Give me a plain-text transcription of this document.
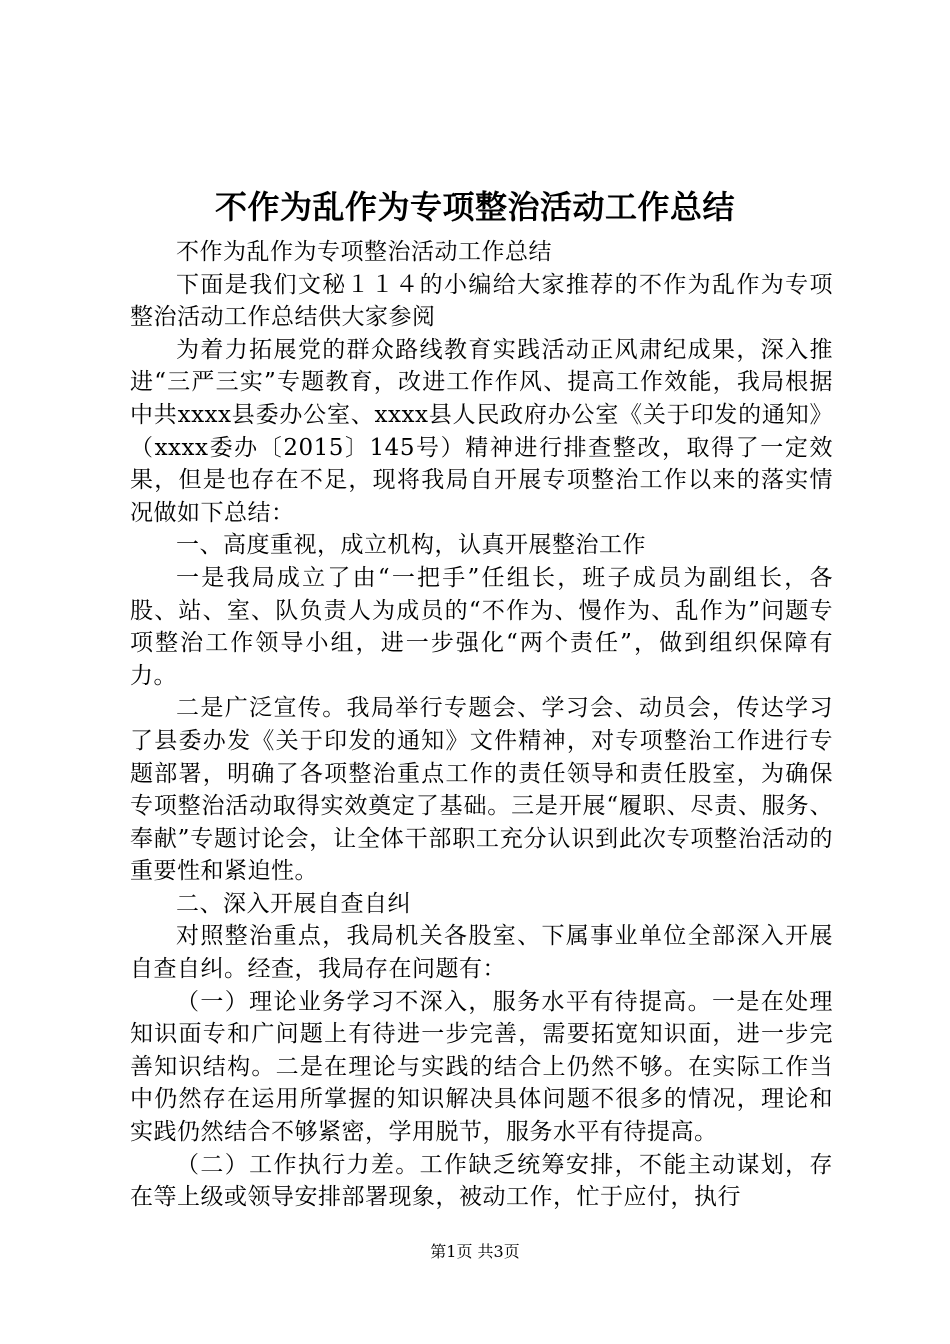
不作为乱作为专项整治活动工作总结

不作为乱作为专项整治活动工作总结

下面是我们文秘１１４的小编给大家推荐的不作为乱作为专项整治活动工作总结供大家参阅

为着力拓展党的群众路线教育实践活动正风肃纪成果，深入推进“三严三实”专题教育，改进工作作风、提高工作效能，我局根据中共xxxx县委办公室、xxxx县人民政府办公室《关于印发的通知》（xxxx委办〔2015〕145号）精神进行排查整改，取得了一定效果，但是也存在不足，现将我局自开展专项整治工作以来的落实情况做如下总结：

一、高度重视，成立机构，认真开展整治工作

一是我局成立了由“一把手”任组长，班子成员为副组长，各股、站、室、队负责人为成员的“不作为、慢作为、乱作为”问题专项整治工作领导小组，进一步强化“两个责任”，做到组织保障有力。

二是广泛宣传。我局举行专题会、学习会、动员会，传达学习了县委办发《关于印发的通知》文件精神，对专项整治工作进行专题部署，明确了各项整治重点工作的责任领导和责任股室，为确保专项整治活动取得实效奠定了基础。三是开展“履职、尽责、服务、奉献”专题讨论会，让全体干部职工充分认识到此次专项整治活动的重要性和紧迫性。

二、深入开展自查自纠

对照整治重点，我局机关各股室、下属事业单位全部深入开展自查自纠。经查，我局存在问题有：

（一）理论业务学习不深入，服务水平有待提高。一是在处理知识面专和广问题上有待进一步完善，需要拓宽知识面，进一步完善知识结构。二是在理论与实践的结合上仍然不够。在实际工作当中仍然存在运用所掌握的知识解决具体问题不很多的情况，理论和实践仍然结合不够紧密，学用脱节，服务水平有待提高。

（二）工作执行力差。工作缺乏统筹安排，不能主动谋划，存在等上级或领导安排部署现象，被动工作，忙于应付，执行

第1页 共3页
